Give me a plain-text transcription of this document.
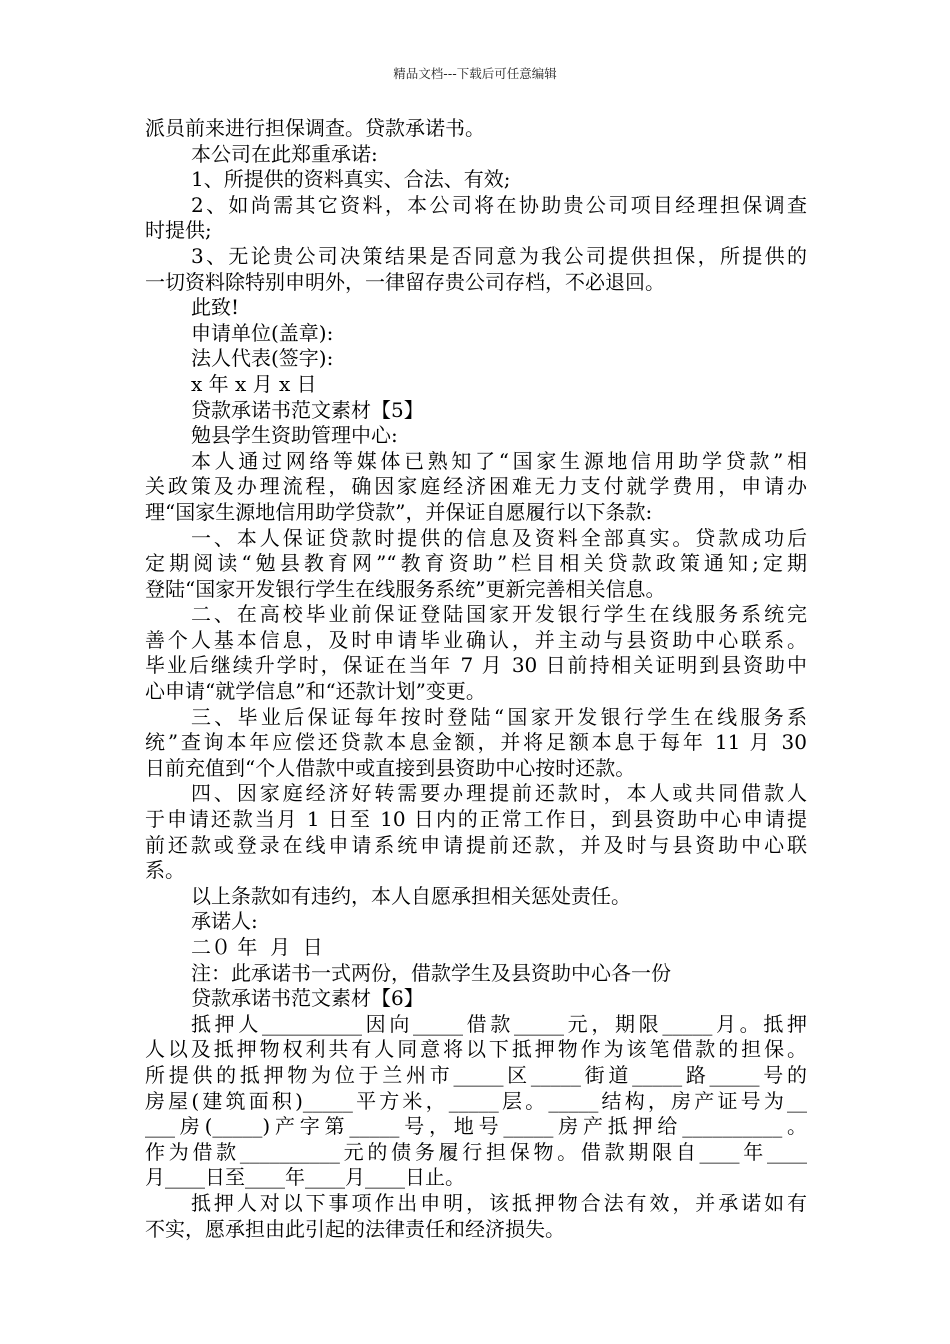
精品文档---下载后可任意编辑
派员前来进行担保调查。贷款承诺书。
本公司在此郑重承诺:
1、所提供的资料真实、合法、有效;
2、如尚需其它资料，本公司将在协助贵公司项目经理担保调查
时提供;
3、无论贵公司决策结果是否同意为我公司提供担保，所提供的
一切资料除特别申明外，一律留存贵公司存档，不必退回。
此致!
申请单位(盖章):
法人代表(签字):
x 年 x 月 x 日
贷款承诺书范文素材【5】
勉县学生资助管理中心:
本人通过网络等媒体已熟知了“国家生源地信用助学贷款”相
关政策及办理流程，确因家庭经济困难无力支付就学费用，申请办
理“国家生源地信用助学贷款”，并保证自愿履行以下条款:
一、本人保证贷款时提供的信息及资料全部真实。贷款成功后
定期阅读“勉县教育网”“教育资助”栏目相关贷款政策通知;定期
登陆“国家开发银行学生在线服务系统”更新完善相关信息。
二、在高校毕业前保证登陆国家开发银行学生在线服务系统完
善个人基本信息，及时申请毕业确认，并主动与县资助中心联系。
毕业后继续升学时，保证在当年 7 月 30 日前持相关证明到县资助中
心申请“就学信息”和“还款计划”变更。
三、毕业后保证每年按时登陆“国家开发银行学生在线服务系
统”查询本年应偿还贷款本息金额，并将足额本息于每年 11 月 30
日前充值到“个人借款中或直接到县资助中心按时还款。
四、因家庭经济好转需要办理提前还款时，本人或共同借款人
于申请还款当月 1 日至 10 日内的正常工作日，到县资助中心申请提
前还款或登录在线申请系统申请提前还款，并及时与县资助中心联
系。
以上条款如有违约，本人自愿承担相关惩处责任。
承诺人:
二０ 年  月  日
注：此承诺书一式两份，借款学生及县资助中心各一份
贷款承诺书范文素材【6】
抵押人__________因向_____借款_____元，期限_____月。抵押
人以及抵押物权利共有人同意将以下抵押物作为该笔借款的担保。
所提供的抵押物为位于兰州市_____区_____街道_____路_____号的
房屋(建筑面积)_____平方米，_____层。_____结构，房产证号为__
___房(_____)产字第_____号，地号_____房产抵押给__________。
作为借款__________元的债务履行担保物。借款期限自____年____
月____日至____年____月____日止。
抵押人对以下事项作出申明，该抵押物合法有效，并承诺如有
不实，愿承担由此引起的法律责任和经济损失。
